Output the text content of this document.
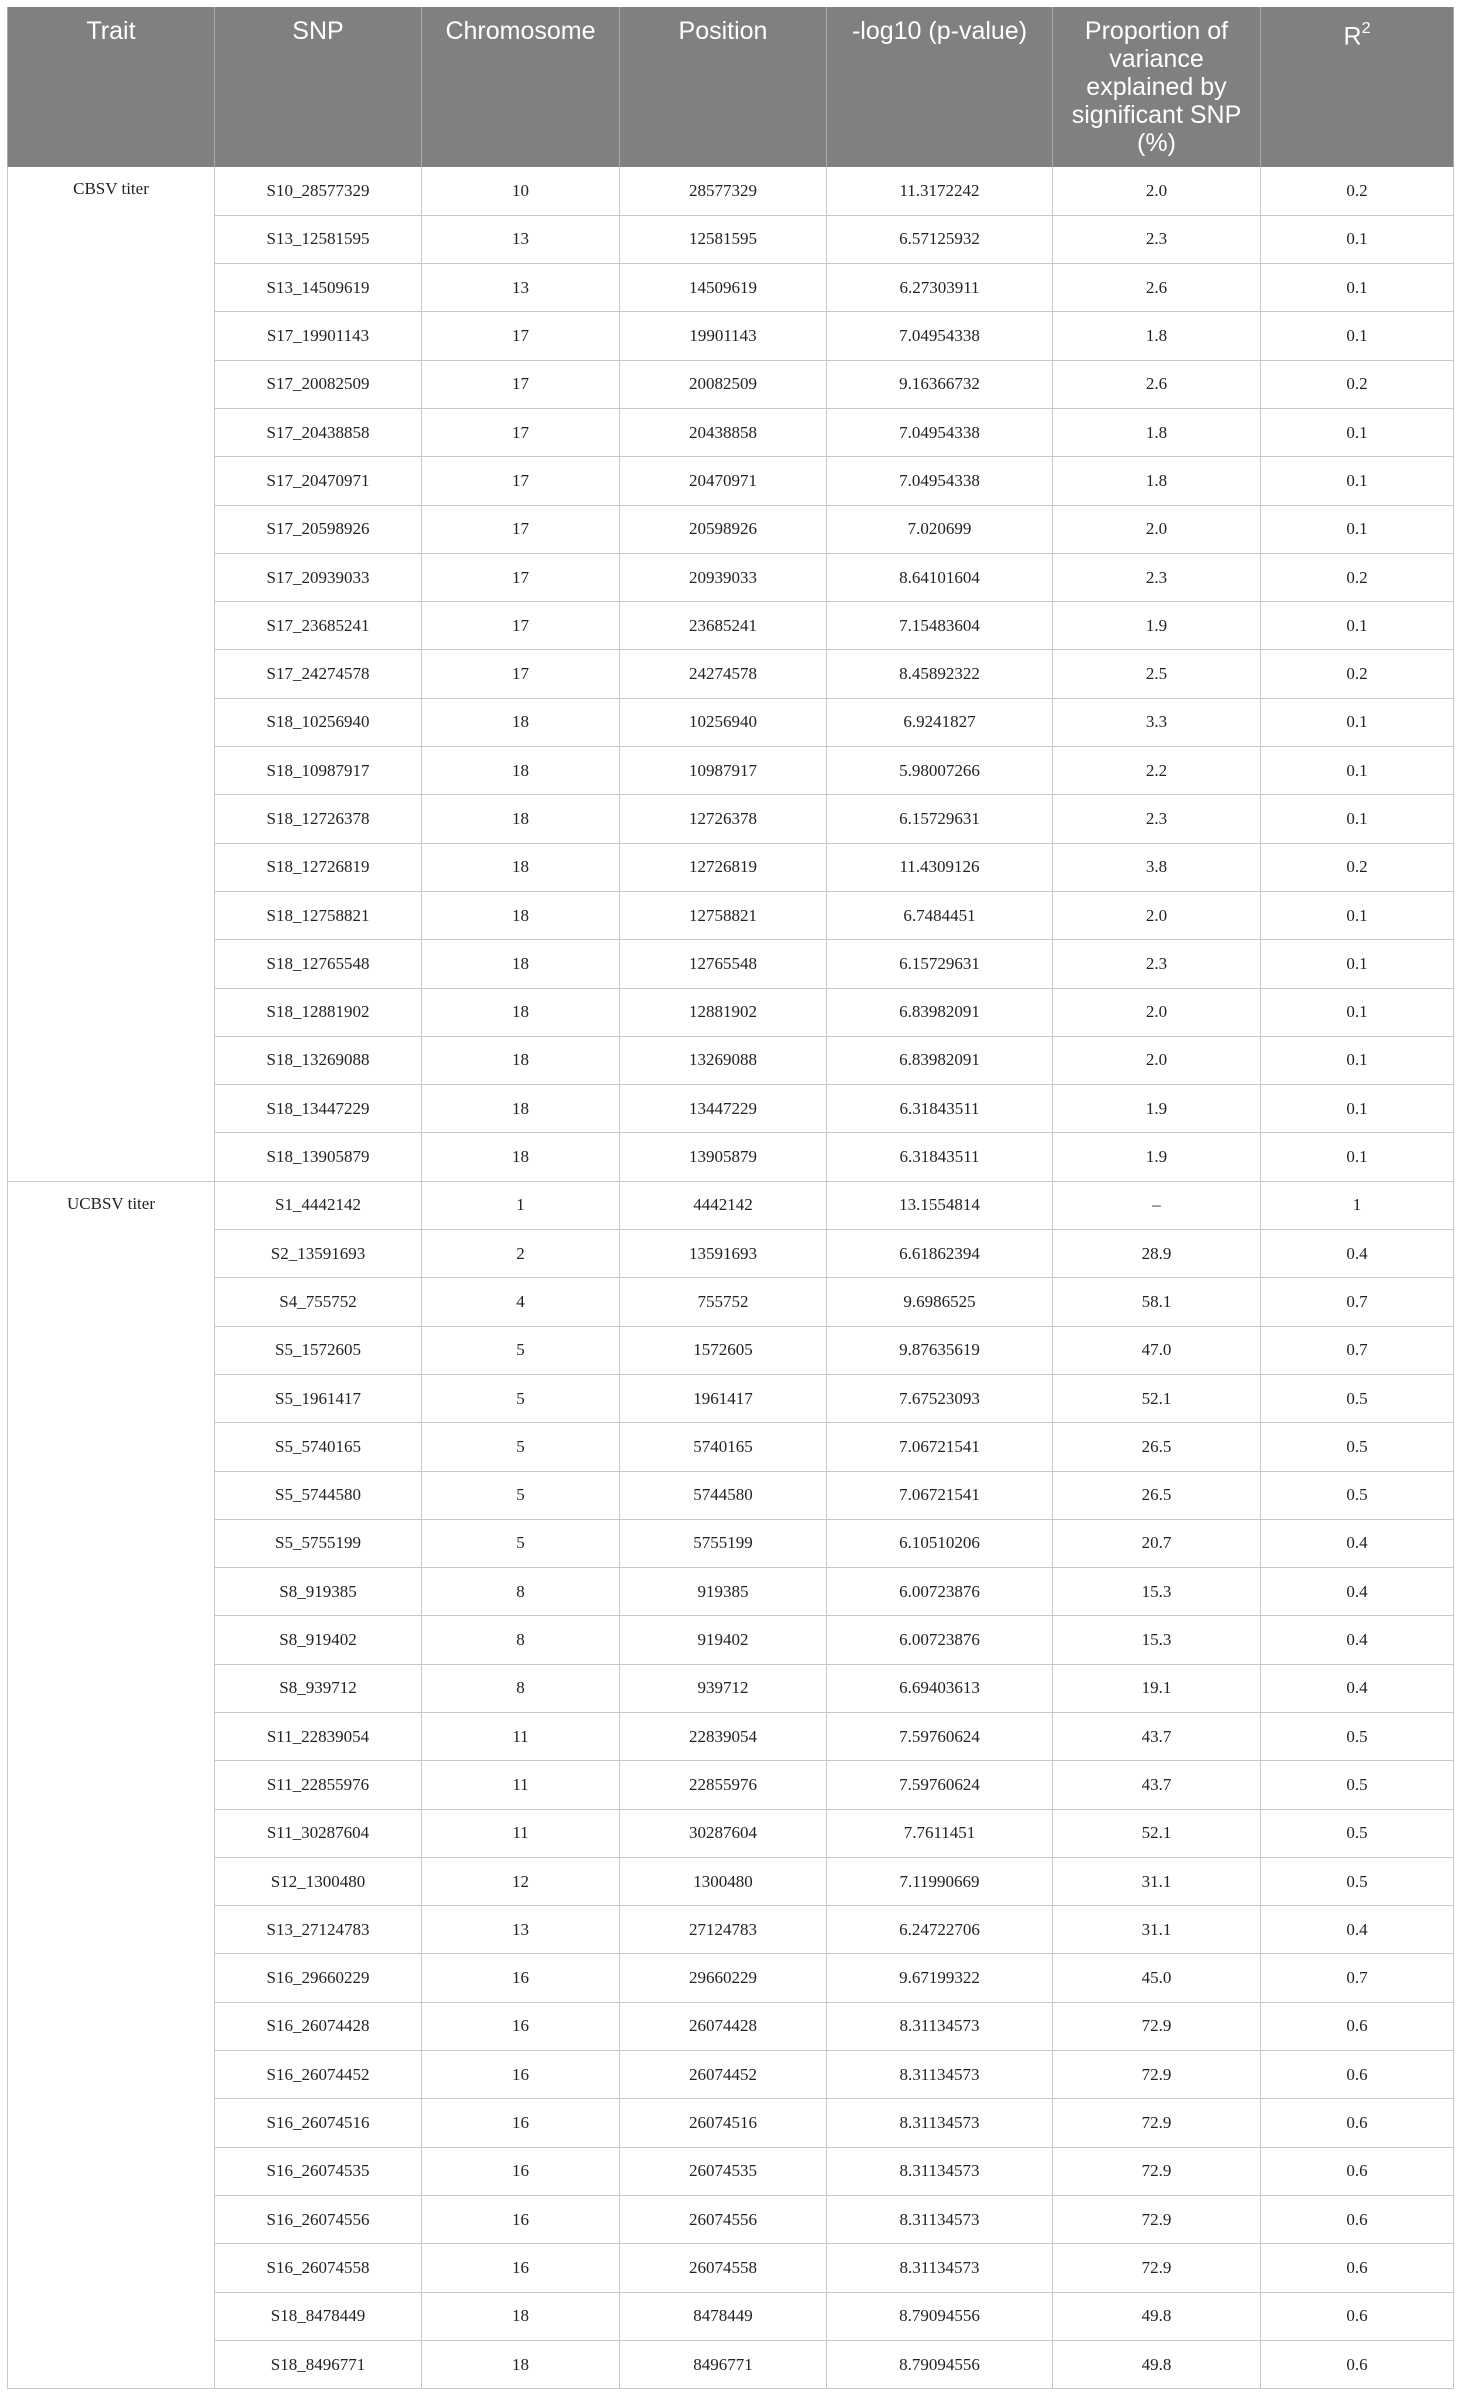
Trait	SNP	Chromosome	Position	-log10 (p-value)	Proportion of variance explained by significant SNP (%)	$R^2$
CBSV titer	S10_28577329	10	28577329	11.3172242	2.0	0.2
	S13_12581595	13	12581595	6.57125932	2.3	0.1
	S13_14509619	13	14509619	6.27303911	2.6	0.1
	S17_19901143	17	19901143	7.04954338	1.8	0.1
	S17_20082509	17	20082509	9.16366732	2.6	0.2
	S17_20438858	17	20438858	7.04954338	1.8	0.1
	S17_20470971	17	20470971	7.04954338	1.8	0.1
	S17_20598926	17	20598926	7.020699	2.0	0.1
	S17_20939033	17	20939033	8.64101604	2.3	0.2
	S17_23685241	17	23685241	7.15483604	1.9	0.1
	S17_24274578	17	24274578	8.45892322	2.5	0.2
	S18_10256940	18	10256940	6.9241827	3.3	0.1
	S18_10987917	18	10987917	5.98007266	2.2	0.1
	S18_12726378	18	12726378	6.15729631	2.3	0.1
	S18_12726819	18	12726819	11.4309126	3.8	0.2
	S18_12758821	18	12758821	6.7484451	2.0	0.1
	S18_12765548	18	12765548	6.15729631	2.3	0.1
	S18_12881902	18	12881902	6.83982091	2.0	0.1
	S18_13269088	18	13269088	6.83982091	2.0	0.1
	S18_13447229	18	13447229	6.31843511	1.9	0.1
	S18_13905879	18	13905879	6.31843511	1.9	0.1
UCBSV titer	S1_4442142	1	4442142	13.1554814	–	1
	S2_13591693	2	13591693	6.61862394	28.9	0.4
	S4_755752	4	755752	9.6986525	58.1	0.7
	S5_1572605	5	1572605	9.87635619	47.0	0.7
	S5_1961417	5	1961417	7.67523093	52.1	0.5
	S5_5740165	5	5740165	7.06721541	26.5	0.5
	S5_5744580	5	5744580	7.06721541	26.5	0.5
	S5_5755199	5	5755199	6.10510206	20.7	0.4
	S8_919385	8	919385	6.00723876	15.3	0.4
	S8_919402	8	919402	6.00723876	15.3	0.4
	S8_939712	8	939712	6.69403613	19.1	0.4
	S11_22839054	11	22839054	7.59760624	43.7	0.5
	S11_22855976	11	22855976	7.59760624	43.7	0.5
	S11_30287604	11	30287604	7.7611451	52.1	0.5
	S12_1300480	12	1300480	7.11990669	31.1	0.5
	S13_27124783	13	27124783	6.24722706	31.1	0.4
	S16_29660229	16	29660229	9.67199322	45.0	0.7
	S16_26074428	16	26074428	8.31134573	72.9	0.6
	S16_26074452	16	26074452	8.31134573	72.9	0.6
	S16_26074516	16	26074516	8.31134573	72.9	0.6
	S16_26074535	16	26074535	8.31134573	72.9	0.6
	S16_26074556	16	26074556	8.31134573	72.9	0.6
	S16_26074558	16	26074558	8.31134573	72.9	0.6
	S18_8478449	18	8478449	8.79094556	49.8	0.6
	S18_8496771	18	8496771	8.79094556	49.8	0.6
